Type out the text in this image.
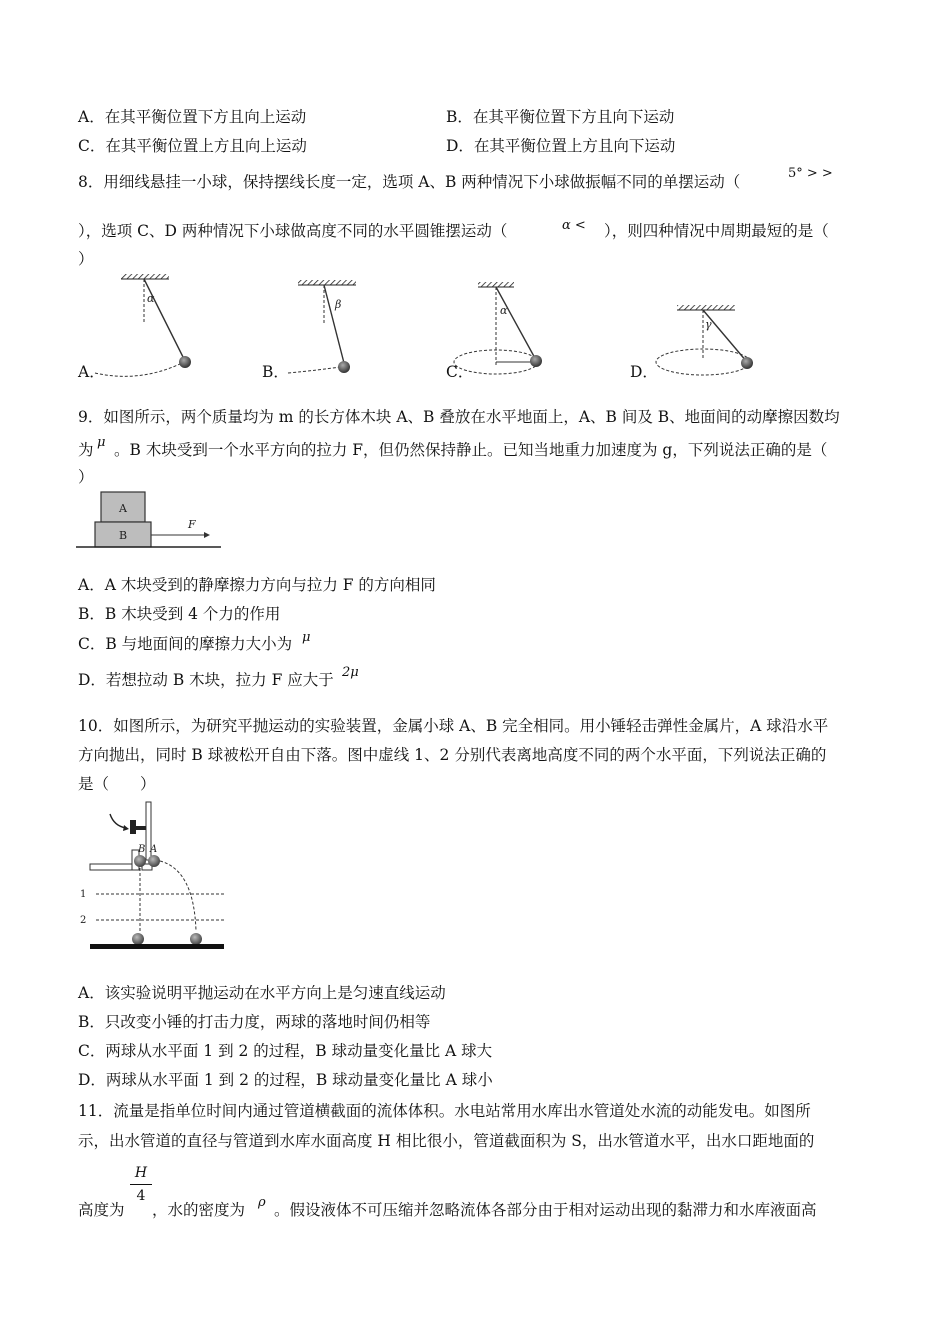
A．在其平衡位置下方且向上运动	B．在其平衡位置下方且向下运动
C．在其平衡位置上方且向上运动	D．在其平衡位置上方且向下运动
8．用细线悬挂一小球，保持摆线长度一定，选项 A、B 两种情况下小球做振幅不同的单摆运动（	5° > >
），选项 C、D 两种情况下小球做高度不同的水平圆锥摆运动（	α < ），则四种情况中周期最短的是（
）
α	β	α
γ
A．	B．	C．	D．
9．如图所示，两个质量均为 m 的长方体木块 A、B 叠放在水平地面上，A、B 间及 B、地面间的动摩擦因数均
为 μ 。B 木块受到一个水平方向的拉力 F，但仍然保持静止。已知当地重力加速度为 g，下列说法正确的是（
）
A
B
F
A．A 木块受到的静摩擦力方向与拉力 F 的方向相同
B．B 木块受到 4 个力的作用
C．B 与地面间的摩擦力大小为 μ
D．若想拉动 B 木块，拉力 F 应大于 2μ
10．如图所示，为研究平抛运动的实验装置，金属小球 A、B 完全相同。用小锤轻击弹性金属片，A 球沿水平
方向抛出，同时 B 球被松开自由下落。图中虚线 1、2 分别代表离地高度不同的两个水平面，下列说法正确的
是（　　）
B A
1
2
A．该实验说明平抛运动在水平方向上是匀速直线运动
B．只改变小锤的打击力度，两球的落地时间仍相等
C．两球从水平面 1 到 2 的过程，B 球动量变化量比 A 球大
D．两球从水平面 1 到 2 的过程，B 球动量变化量比 A 球小
11．流量是指单位时间内通过管道横截面的流体体积。水电站常用水库出水管道处水流的动能发电。如图所
示，出水管道的直径与管道到水库水面高度 H 相比很小，管道截面积为 S，出水管道水平，出水口距地面的
高度为
H
4
，水的密度为 ρ 。假设液体不可压缩并忽略流体各部分由于相对运动出现的黏滞力和水库液面高
